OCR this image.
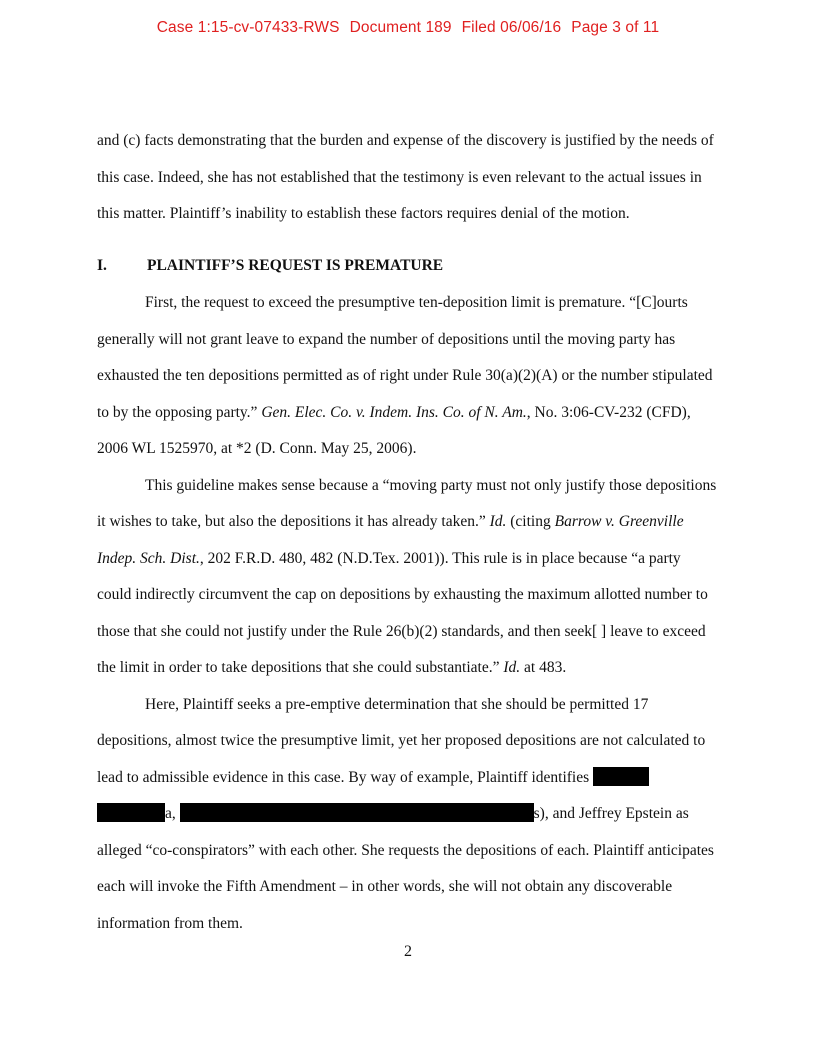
Case 1:15-cv-07433-RWS Document 189 Filed 06/06/16 Page 3 of 11

and (c) facts demonstrating that the burden and expense of the discovery is justified by the needs of this case. Indeed, she has not established that the testimony is even relevant to the actual issues in this matter. Plaintiff’s inability to establish these factors requires denial of the motion.

I.	PLAINTIFF’S REQUEST IS PREMATURE

First, the request to exceed the presumptive ten-deposition limit is premature. “[C]ourts generally will not grant leave to expand the number of depositions until the moving party has exhausted the ten depositions permitted as of right under Rule 30(a)(2)(A) or the number stipulated to by the opposing party.” Gen. Elec. Co. v. Indem. Ins. Co. of N. Am., No. 3:06-CV-232 (CFD), 2006 WL 1525970, at *2 (D. Conn. May 25, 2006).

This guideline makes sense because a “moving party must not only justify those depositions it wishes to take, but also the depositions it has already taken.” Id. (citing Barrow v. Greenville Indep. Sch. Dist., 202 F.R.D. 480, 482 (N.D.Tex. 2001)). This rule is in place because “a party could indirectly circumvent the cap on depositions by exhausting the maximum allotted number to those that she could not justify under the Rule 26(b)(2) standards, and then seek[ ] leave to exceed the limit in order to take depositions that she could substantiate.” Id. at 483.

Here, Plaintiff seeks a pre-emptive determination that she should be permitted 17 depositions, almost twice the presumptive limit, yet her proposed depositions are not calculated to lead to admissible evidence in this case. By way of example, Plaintiff identifies  a,	s), and Jeffrey Epstein as alleged “co-conspirators” with each other. She requests the depositions of each. Plaintiff anticipates each will invoke the Fifth Amendment – in other words, she will not obtain any discoverable information from them.

2
